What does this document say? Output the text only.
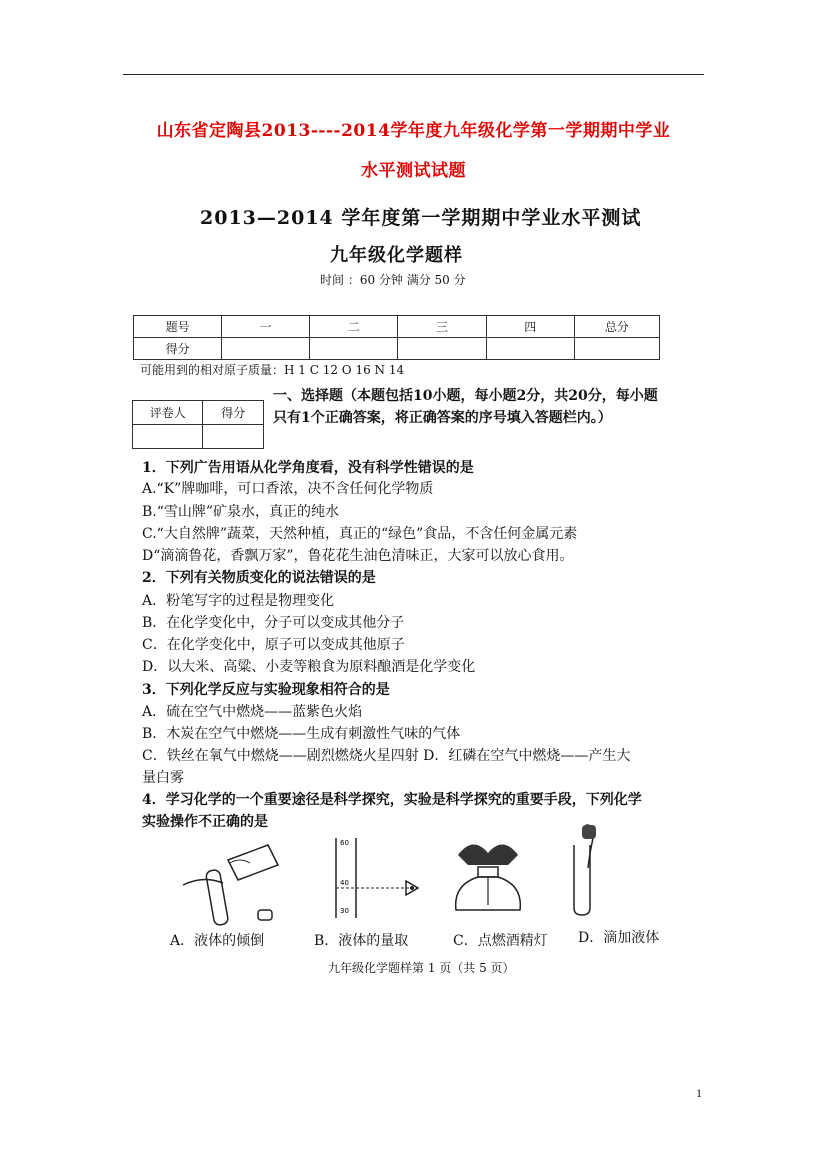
山东省定陶县2013----2014学年度九年级化学第一学期期中学业
水平测试试题
2013—2014 学年度第一学期期中学业水平测试
九年级化学题样
时间 ：60 分钟 满分 50 分
题号	一	二	三	四	总分
得分					
可能用到的相对原子质量：H 1 C 12 O 16 N 14
评卷人	得分

一、选择题（本题包括10小题，每小题2分，共20分，每小题
只有1个正确答案，将正确答案的序号填入答题栏内。）
1．下列广告用语从化学角度看，没有科学性错误的是
A.“K”牌咖啡，可口香浓，决不含任何化学物质
B.“雪山牌”矿泉水，真正的纯水
C.“大自然牌”蔬菜，天然种植，真正的“绿色”食品，不含任何金属元素
D“滴滴鲁花，香飘万家”，鲁花花生油色清味正，大家可以放心食用。
2．下列有关物质变化的说法错误的是
A．粉笔写字的过程是物理变化
B．在化学变化中，分子可以变成其他分子
C．在化学变化中，原子可以变成其他原子
D．以大米、高粱、小麦等粮食为原料酿酒是化学变化
3．下列化学反应与实验现象相符合的是
A．硫在空气中燃烧——蓝紫色火焰
B．木炭在空气中燃烧——生成有刺激性气味的气体
C．铁丝在氧气中燃烧——剧烈燃烧火星四射 D．红磷在空气中燃烧——产生大
量白雾
4．学习化学的一个重要途径是科学探究，实验是科学探究的重要手段，下列化学
实验操作不正确的是
60
40
30
A．液体的倾倒	B．液体的量取	C．点燃酒精灯 D．滴加液体
九年级化学题样第 1 页（共 5 页）
1
